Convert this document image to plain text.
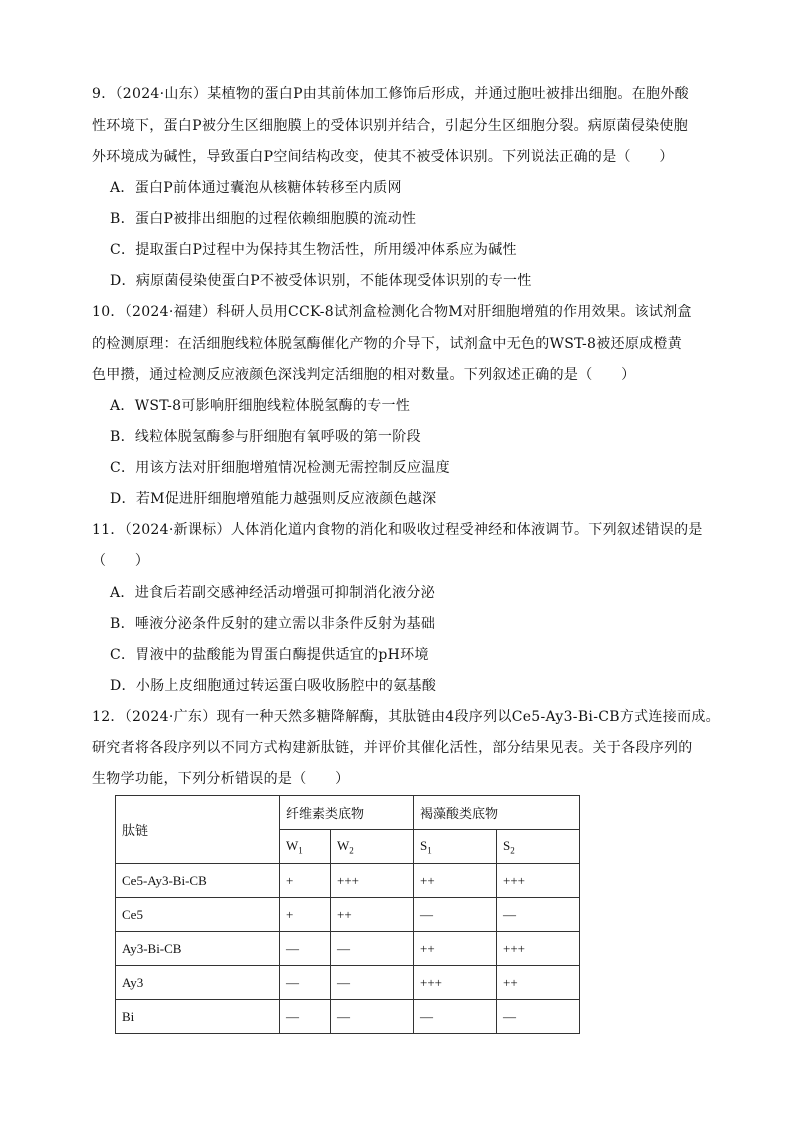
9．（2024·山东）某植物的蛋白P由其前体加工修饰后形成，并通过胞吐被排出细胞。在胞外酸
性环境下，蛋白P被分生区细胞膜上的受体识别并结合，引起分生区细胞分裂。病原菌侵染使胞
外环境成为碱性，导致蛋白P空间结构改变，使其不被受体识别。下列说法正确的是（　　）
A．蛋白P前体通过囊泡从核糖体转移至内质网
B．蛋白P被排出细胞的过程依赖细胞膜的流动性
C．提取蛋白P过程中为保持其生物活性，所用缓冲体系应为碱性
D．病原菌侵染使蛋白P不被受体识别，不能体现受体识别的专一性
10．（2024·福建）科研人员用CCK-8试剂盒检测化合物M对肝细胞增殖的作用效果。该试剂盒
的检测原理：在活细胞线粒体脱氢酶催化产物的介导下，试剂盒中无色的WST-8被还原成橙黄
色甲攒，通过检测反应液颜色深浅判定活细胞的相对数量。下列叙述正确的是（　　）
A．WST-8可影响肝细胞线粒体脱氢酶的专一性
B．线粒体脱氢酶参与肝细胞有氧呼吸的第一阶段
C．用该方法对肝细胞增殖情况检测无需控制反应温度
D．若M促进肝细胞增殖能力越强则反应液颜色越深
11．（2024·新课标）人体消化道内食物的消化和吸收过程受神经和体液调节。下列叙述错误的是
（　　）
A．进食后若副交感神经活动增强可抑制消化液分泌
B．唾液分泌条件反射的建立需以非条件反射为基础
C．胃液中的盐酸能为胃蛋白酶提供适宜的pH环境
D．小肠上皮细胞通过转运蛋白吸收肠腔中的氨基酸
12．（2024·广东）现有一种天然多糖降解酶，其肽链由4段序列以Ce5-Ay3-Bi-CB方式连接而成。
研究者将各段序列以不同方式构建新肽链，并评价其催化活性，部分结果见表。关于各段序列的
生物学功能，下列分析错误的是（　　）
肽链	纤维素类底物		褐藻酸类底物	
	$W_1$	$W_2$	$S_1$	$S_2$
Ce5-Ay3-Bi-CB	+	+++	++	+++
Ce5	+	++	—	—
Ay3-Bi-CB	—	—	++	+++
Ay3	—	—	+++	++
Bi	—	—	—	—
